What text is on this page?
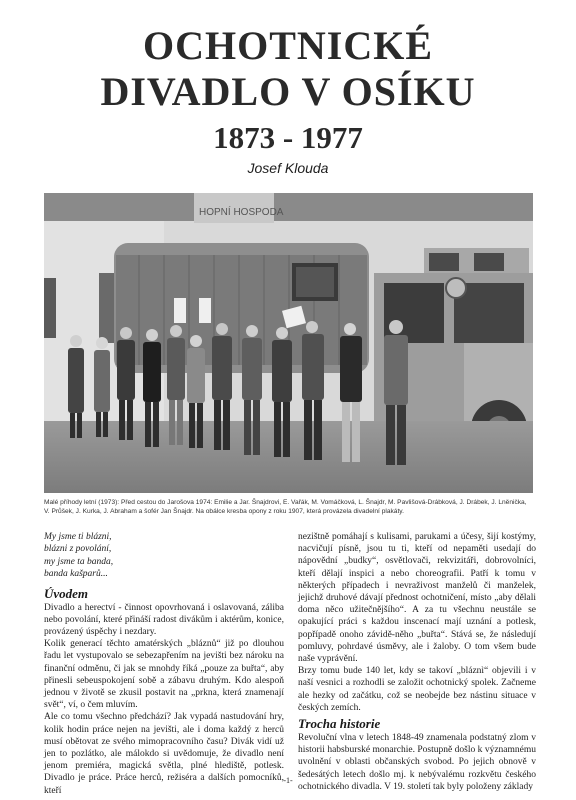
OCHOTNICKÉ
DIVADLO V OSÍKU
1873 - 1977
Josef Klouda
HOPNÍ HOSPODA
Malé příhody letní (1973): Před cestou do Jarošova 1974: Emilie a Jar. Šnajdrovi, E. Vařák, M. Vomáčková, L. Šnajdr, M. Pavlišová-Drábková, J. Drábek, J. Lněnička, V. Průšek, J. Kurka, J. Abraham a šofér Jan Šnajdr. Na obálce kresba opony z roku 1907, která provázela divadelní plakáty.
My jsme ti blázni,
blázni z povolání,
my jsme ta banda,
banda kašparů...
Úvodem

Divadlo a herectví - činnost opovrhovaná i oslavovaná, záliba nebo povolání, které přináší radost divákům i aktérům, konice, provázený úspěchy i nezdary.

Kolik generací těchto amatérských „bláznů“ již po dlouhou řadu let vystupovalo se sebezapřením na jevišti bez nároku na finanční odměnu, či jak se mnohdy říká „pouze za buřta“, aby přinesli sebeuspokojení sobě a zábavu druhým. Kdo alespoň jednou v životě se zkusil postavit na „prkna, která znamenají svět“, ví, o čem mluvím.

Ale co tomu všechno předchází? Jak vypadá nastudování hry, kolik hodin práce nejen na jevišti, ale i doma každý z herců musí obětovat ze svého mimopracovního času? Divák vidí už jen to pozlátko, ale málokdo si uvědomuje, že divadlo není jenom premiéra, magická světla, plné hlediště, potlesk. Divadlo je práce. Práce herců, režiséra a dalších pomocníků, kteří

nezištně pomáhají s kulisami, parukami a účesy, šijí kostýmy, nacvičují písně, jsou tu ti, kteří od nepaměti usedají do nápovědní „budky“, osvětlovači, rekvizitáři, dobrovolníci, kteří dělají inspici a nebo choreografii. Patří k tomu v některých případech i nevraživost manželů či manželek, jejichž druhové dávají přednost ochotničení, místo „aby dělali doma něco užitečnějšího“. A za tu všechnu neustále se opakující práci s každou inscenací mají uznání a potlesk, popřípadě onoho závidě-něho „buřta“. Stává se, že následují pomluvy, pohrdavé úsměvy, ale i žaloby. O tom všem bude naše vyprávění.

Brzy tomu bude 140 let, kdy se takoví „bláznì“ objevili i v naší vesnici a rozhodli se založit ochotnický spolek. Začneme ale hezky od začátku, což se neobejde bez nástinu situace v českých zemích.

Trocha historie

Revoluční vlna v letech 1848-49 znamenala podstatný zlom v historii habsburské monarchie. Postupně došlo k významnému uvolnění v oblasti občanských svobod. Po jejich obnově v šedesátých letech došlo mj. k nebývalému rozkvětu českého ochotnického divadla. V 19. století tak byly položeny základy

-1-
